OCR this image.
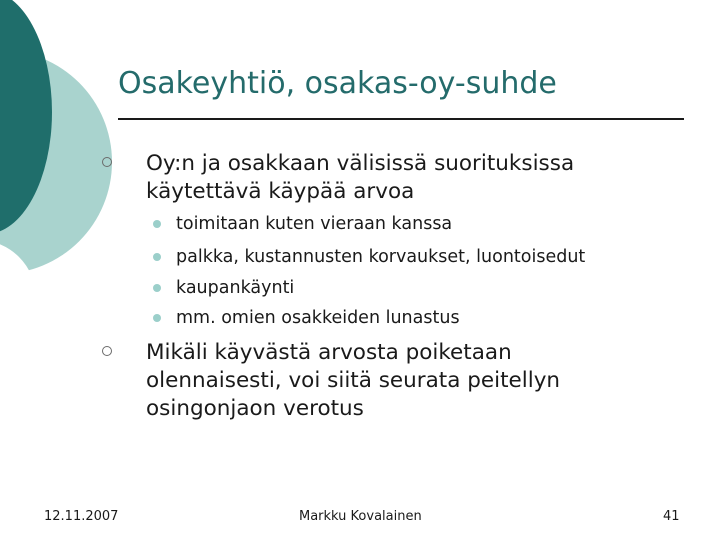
Osakeyhtiö, osakas-oy-suhde
Oy:n ja osakkaan välisissä suorituksissa
käytettävä käypää arvoa
toimitaan kuten vieraan kanssa
palkka, kustannusten korvaukset, luontoisedut
kaupankäynti
mm. omien osakkeiden lunastus
Mikäli käyvästä arvosta poiketaan
olennaisesti, voi siitä seurata peitellyn
osingonjaon verotus
12.11.2007	Markku Kovalainen	41
